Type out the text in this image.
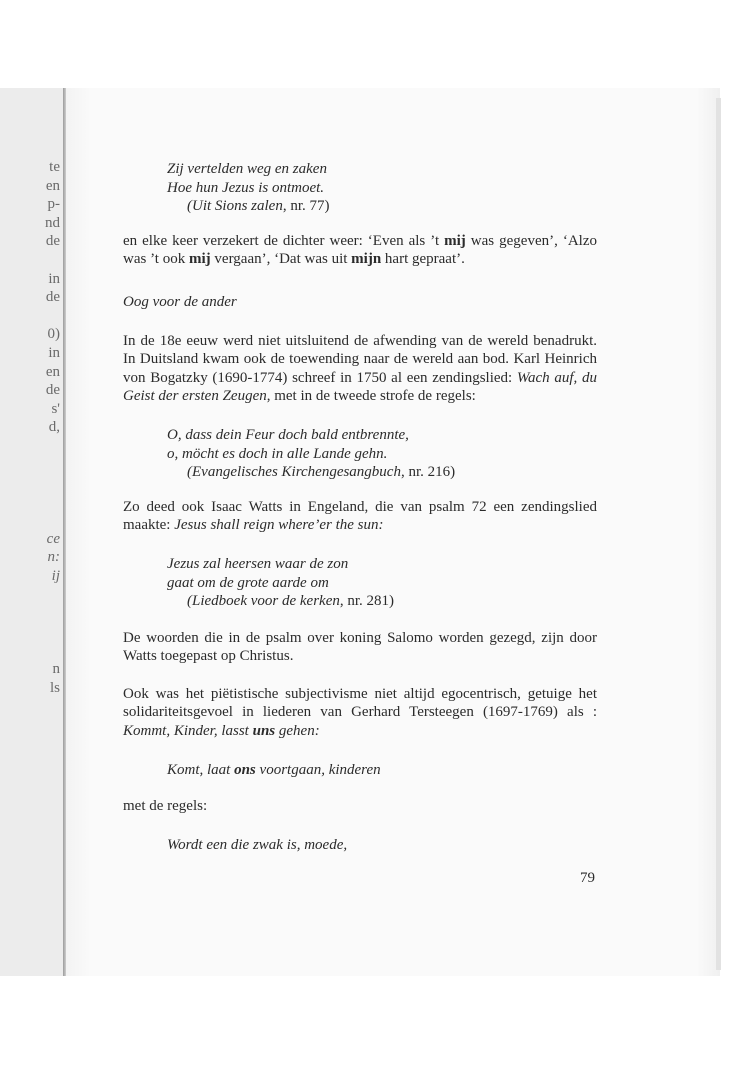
te
en
p-
nd
de

in
de

0)
in
en
de
s'
d,

ce
n:
ij

n
ls
Zij vertelden weg en zaken
Hoe hun Jezus is ontmoet.
(Uit Sions zalen, nr. 77)

en elke keer verzekert de dichter weer: ‘Even als ’t mij was gegeven’, ‘Alzo was ’t ook mij vergaan’, ‘Dat was uit mijn hart gepraat’.

Oog voor de ander

In de 18e eeuw werd niet uitsluitend de afwending van de wereld benadrukt. In Duitsland kwam ook de toewending naar de wereld aan bod. Karl Heinrich von Bogatzky (1690-1774) schreef in 1750 al een zendingslied: Wach auf, du Geist der ersten Zeugen, met in de tweede strofe de regels:

O, dass dein Feur doch bald entbrennte,
o, möcht es doch in alle Lande gehn.
(Evangelisches Kirchengesangbuch, nr. 216)

Zo deed ook Isaac Watts in Engeland, die van psalm 72 een zendingslied maakte: Jesus shall reign where’er the sun:

Jezus zal heersen waar de zon
gaat om de grote aarde om
(Liedboek voor de kerken, nr. 281)

De woorden die in de psalm over koning Salomo worden gezegd, zijn door Watts toegepast op Christus.

Ook was het piëtistische subjectivisme niet altijd egocentrisch, getuige het solidariteitsgevoel in liederen van Gerhard Tersteegen (1697-1769) als : Kommt, Kinder, lasst uns gehen:

Komt, laat ons voortgaan, kinderen

met de regels:

Wordt een die zwak is, moede,
79
